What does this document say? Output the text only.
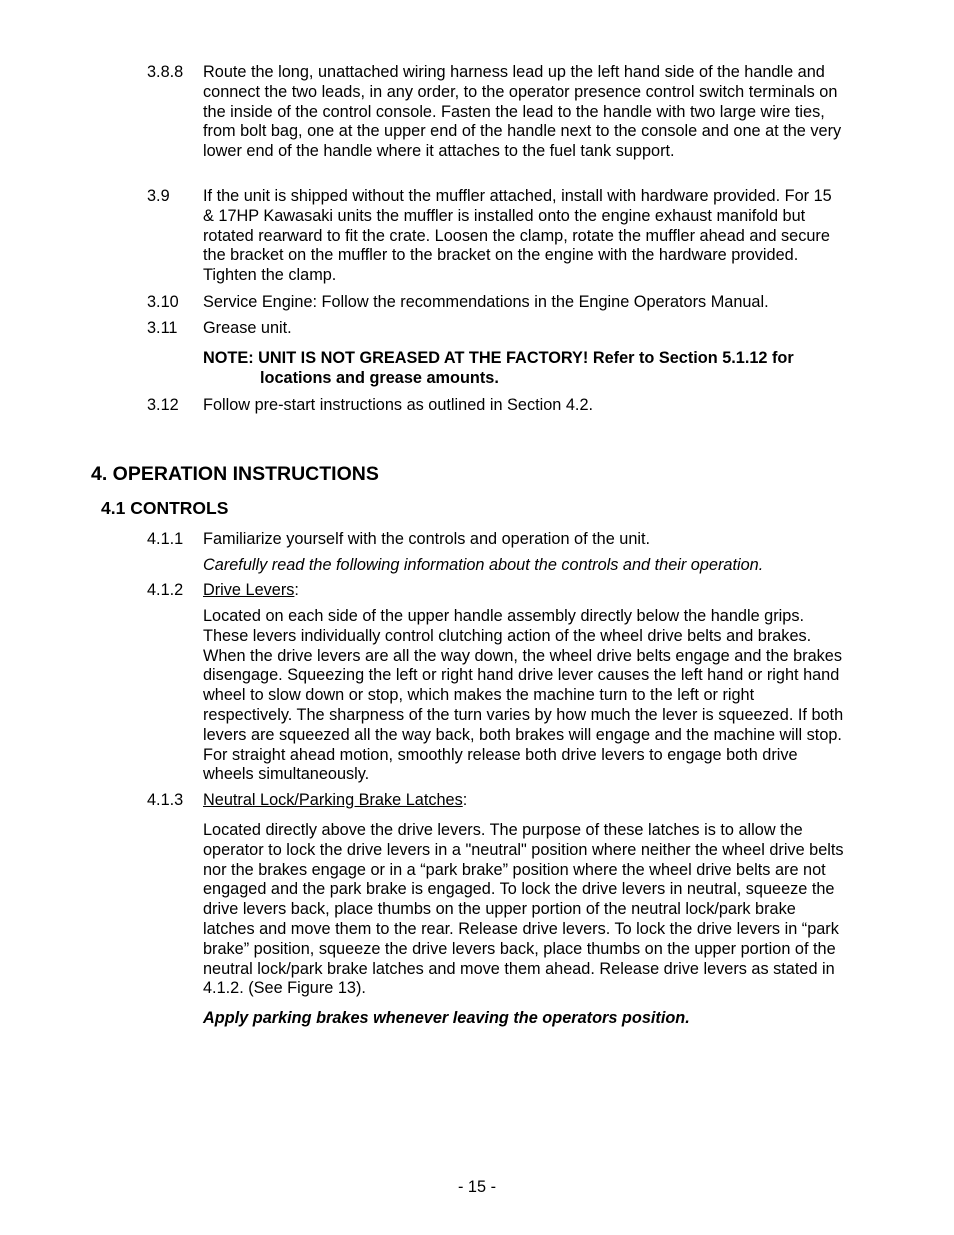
3.8.8	Route the long, unattached wiring harness lead up the left hand side of the handle and connect the two leads, in any order, to the operator presence control switch terminals on the inside of the control console. Fasten the lead to the handle with two large wire ties, from bolt bag, one at the upper end of the handle next to the console and one at the very lower end of the handle where it attaches to the fuel tank support.
3.9	If the unit is shipped without the muffler attached, install with hardware provided. For 15 & 17HP Kawasaki units the muffler is installed onto the engine exhaust manifold but rotated rearward to fit the crate. Loosen the clamp, rotate the muffler ahead and secure the bracket on the muffler to the bracket on the engine with the hardware provided. Tighten the clamp.
3.10	Service Engine: Follow the recommendations in the Engine Operators Manual.
3.11	Grease unit.
NOTE: UNIT IS NOT GREASED AT THE FACTORY! Refer to Section 5.1.12 for
locations and grease amounts.
3.12	Follow pre-start instructions as outlined in Section 4.2.
4. OPERATION INSTRUCTIONS
4.1 CONTROLS
4.1.1	Familiarize yourself with the controls and operation of the unit.
Carefully read the following information about the controls and their operation.
4.1.2	Drive Levers:
Located on each side of the upper handle assembly directly below the handle grips. These levers individually control clutching action of the wheel drive belts and brakes. When the drive levers are all the way down, the wheel drive belts engage and the brakes disengage. Squeezing the left or right hand drive lever causes the left hand or right hand wheel to slow down or stop, which makes the machine turn to the left or right respectively. The sharpness of the turn varies by how much the lever is squeezed. If both levers are squeezed all the way back, both brakes will engage and the machine will stop. For straight ahead motion, smoothly release both drive levers to engage both drive wheels simultaneously.
4.1.3	Neutral Lock/Parking Brake Latches:
Located directly above the drive levers. The purpose of these latches is to allow the operator to lock the drive levers in a "neutral" position where neither the wheel drive belts nor the brakes engage or in a “park brake” position where the wheel drive belts are not engaged and the park brake is engaged. To lock the drive levers in neutral, squeeze the drive levers back, place thumbs on the upper portion of the neutral lock/park brake latches and move them to the rear. Release drive levers. To lock the drive levers in “park brake” position, squeeze the drive levers back, place thumbs on the upper portion of the neutral lock/park brake latches and move them ahead. Release drive levers as stated in 4.1.2. (See Figure 13).
Apply parking brakes whenever leaving the operators position.
- 15 -
